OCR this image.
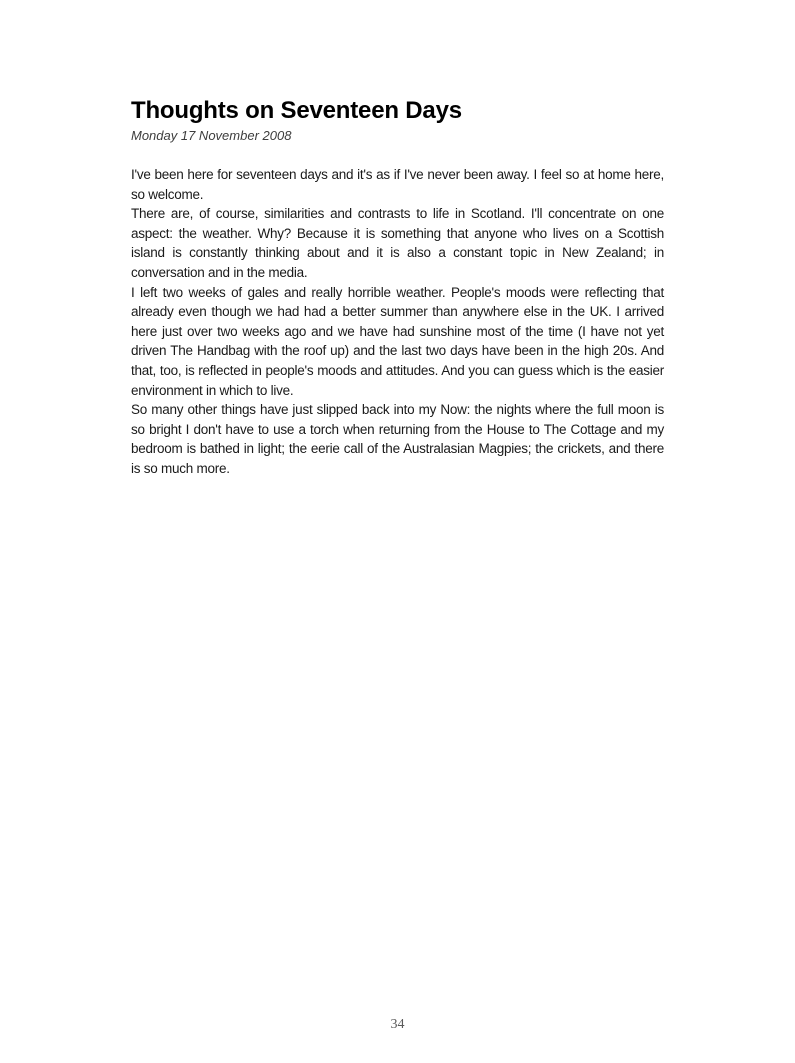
Thoughts on Seventeen Days
Monday 17 November 2008

I've been here for seventeen days and it's as if I've never been away. I feel so at home here, so welcome.

There are, of course, similarities and contrasts to life in Scotland. I'll concentrate on one aspect: the weather. Why? Because it is something that anyone who lives on a Scottish island is constantly thinking about and it is also a constant topic in New Zealand; in conversation and in the media.

I left two weeks of gales and really horrible weather. People's moods were reflecting that already even though we had had a better summer than anywhere else in the UK. I arrived here just over two weeks ago and we have had sunshine most of the time (I have not yet driven The Handbag with the roof up) and the last two days have been in the high 20s. And that, too, is reflected in people's moods and attitudes. And you can guess which is the easier environment in which to live.

So many other things have just slipped back into my Now: the nights where the full moon is so bright I don't have to use a torch when returning from the House to The Cottage and my bedroom is bathed in light; the eerie call of the Australasian Magpies; the crickets, and there is so much more.

34
